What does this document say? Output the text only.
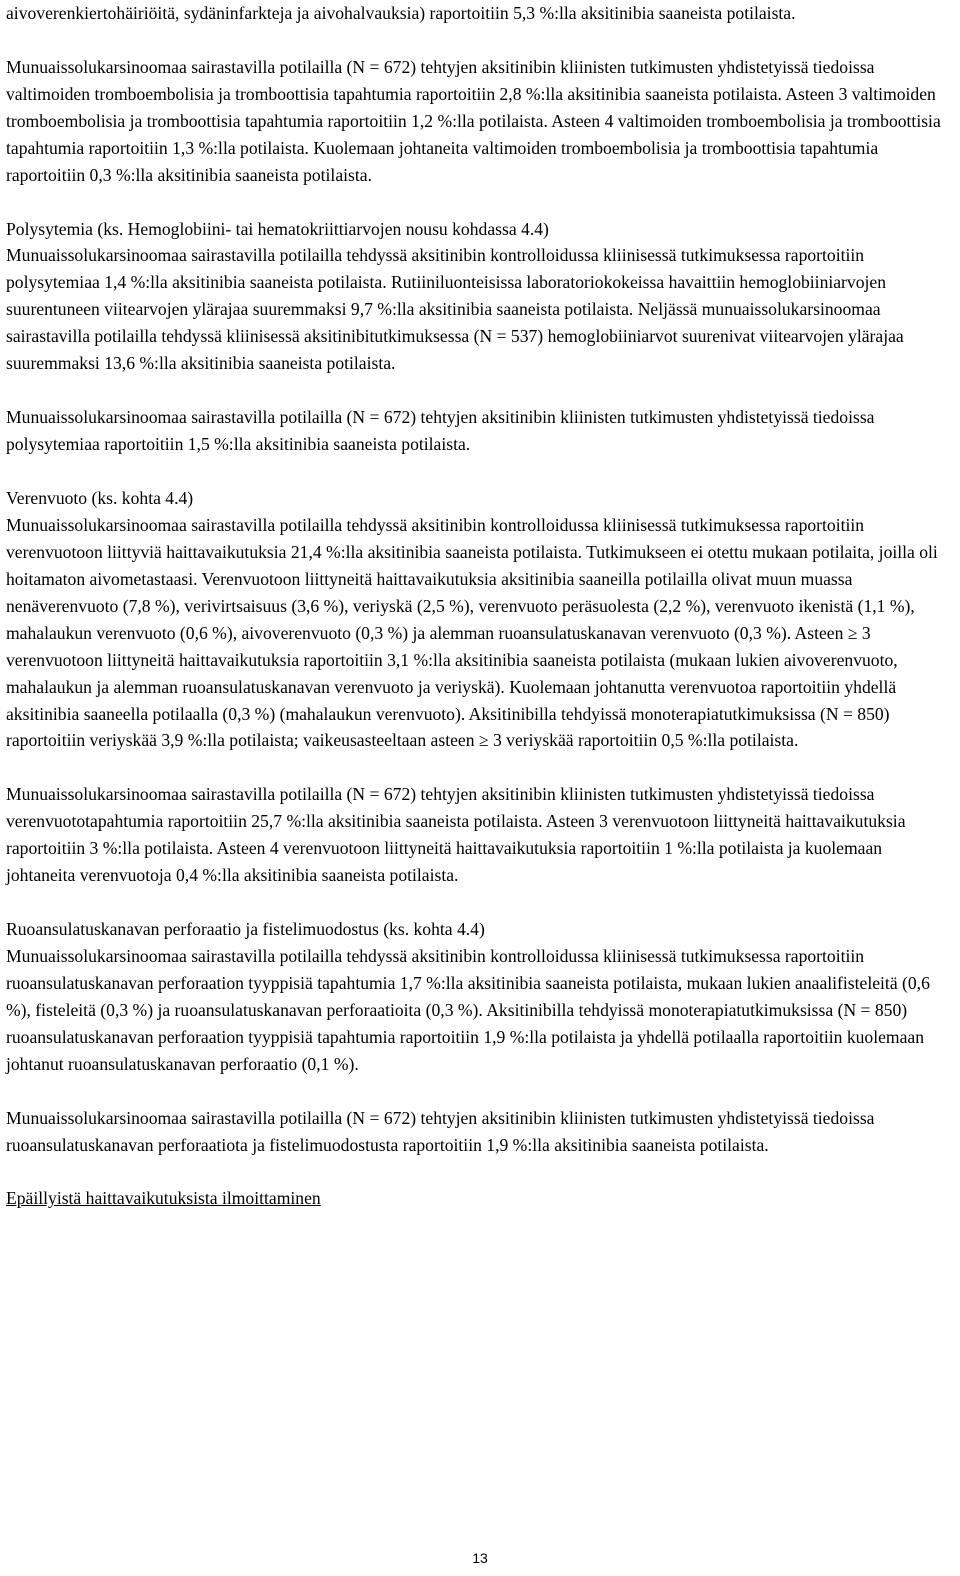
aivoverenkiertohäiriöitä, sydäninfarkteja ja aivohalvauksia) raportoitiin 5,3 %:lla aksitinibia saaneista potilaista.

Munuaissolukarsinoomaa sairastavilla potilailla (N = 672) tehtyjen aksitinibin kliinisten tutkimusten yhdistetyissä tiedoissa valtimoiden tromboembolisia ja tromboottisia tapahtumia raportoitiin 2,8 %:lla aksitinibia saaneista potilaista. Asteen 3 valtimoiden tromboembolisia ja tromboottisia tapahtumia raportoitiin 1,2 %:lla potilaista. Asteen 4 valtimoiden tromboembolisia ja tromboottisia tapahtumia raportoitiin 1,3 %:lla potilaista. Kuolemaan johtaneita valtimoiden tromboembolisia ja tromboottisia tapahtumia raportoitiin 0,3 %:lla aksitinibia saaneista potilaista.

Polysytemia (ks. Hemoglobiini- tai hematokriittiarvojen nousu kohdassa 4.4)

Munuaissolukarsinoomaa sairastavilla potilailla tehdyssä aksitinibin kontrolloidussa kliinisessä tutkimuksessa raportoitiin polysytemiaa 1,4 %:lla aksitinibia saaneista potilaista. Rutiiniluonteisissa laboratoriokokeissa havaittiin hemoglobiiniarvojen suurentuneen viitearvojen ylärajaa suuremmaksi 9,7 %:lla aksitinibia saaneista potilaista. Neljässä munuaissolukarsinoomaa sairastavilla potilailla tehdyssä kliinisessä aksitinibitutkimuksessa (N = 537) hemoglobiiniarvot suurenivat viitearvojen ylärajaa suuremmaksi 13,6 %:lla aksitinibia saaneista potilaista.

Munuaissolukarsinoomaa sairastavilla potilailla (N = 672) tehtyjen aksitinibin kliinisten tutkimusten yhdistetyissä tiedoissa polysytemiaa raportoitiin 1,5 %:lla aksitinibia saaneista potilaista.

Verenvuoto (ks. kohta 4.4)

Munuaissolukarsinoomaa sairastavilla potilailla tehdyssä aksitinibin kontrolloidussa kliinisessä tutkimuksessa raportoitiin verenvuotoon liittyviä haittavaikutuksia 21,4 %:lla aksitinibia saaneista potilaista. Tutkimukseen ei otettu mukaan potilaita, joilla oli hoitamaton aivometastaasi. Verenvuotoon liittyneitä haittavaikutuksia aksitinibia saaneilla potilailla olivat muun muassa nenäverenvuoto (7,8 %), verivirtsaisuus (3,6 %), veriyskä (2,5 %), verenvuoto peräsuolesta (2,2 %), verenvuoto ikenistä (1,1 %), mahalaukun verenvuoto (0,6 %), aivoverenvuoto (0,3 %) ja alemman ruoansulatuskanavan verenvuoto (0,3 %). Asteen ≥ 3 verenvuotoon liittyneitä haittavaikutuksia raportoitiin 3,1 %:lla aksitinibia saaneista potilaista (mukaan lukien aivoverenvuoto, mahalaukun ja alemman ruoansulatuskanavan verenvuoto ja veriyskä). Kuolemaan johtanutta verenvuotoa raportoitiin yhdellä aksitinibia saaneella potilaalla (0,3 %) (mahalaukun verenvuoto). Aksitinibilla tehdyissä monoterapiatutkimuksissa (N = 850) raportoitiin veriyskää 3,9 %:lla potilaista; vaikeusasteeltaan asteen ≥ 3 veriyskää raportoitiin 0,5 %:lla potilaista.

Munuaissolukarsinoomaa sairastavilla potilailla (N = 672) tehtyjen aksitinibin kliinisten tutkimusten yhdistetyissä tiedoissa verenvuototapahtumia raportoitiin 25,7 %:lla aksitinibia saaneista potilaista. Asteen 3 verenvuotoon liittyneitä haittavaikutuksia raportoitiin 3 %:lla potilaista. Asteen 4 verenvuotoon liittyneitä haittavaikutuksia raportoitiin 1 %:lla potilaista ja kuolemaan johtaneita verenvuotoja 0,4 %:lla aksitinibia saaneista potilaista.

Ruoansulatuskanavan perforaatio ja fistelimuodostus (ks. kohta 4.4)

Munuaissolukarsinoomaa sairastavilla potilailla tehdyssä aksitinibin kontrolloidussa kliinisessä tutkimuksessa raportoitiin ruoansulatuskanavan perforaation tyyppisiä tapahtumia 1,7 %:lla aksitinibia saaneista potilaista, mukaan lukien anaalifisteleitä (0,6 %), fisteleitä (0,3 %) ja ruoansulatuskanavan perforaatioita (0,3 %). Aksitinibilla tehdyissä monoterapiatutkimuksissa (N = 850) ruoansulatuskanavan perforaation tyyppisiä tapahtumia raportoitiin 1,9 %:lla potilaista ja yhdellä potilaalla raportoitiin kuolemaan johtanut ruoansulatuskanavan perforaatio (0,1 %).

Munuaissolukarsinoomaa sairastavilla potilailla (N = 672) tehtyjen aksitinibin kliinisten tutkimusten yhdistetyissä tiedoissa ruoansulatuskanavan perforaatiota ja fistelimuodostusta raportoitiin 1,9 %:lla aksitinibia saaneista potilaista.

Epäillyistä haittavaikutuksista ilmoittaminen

13
